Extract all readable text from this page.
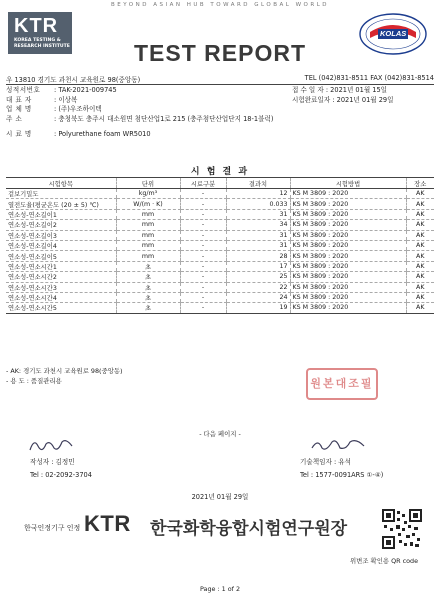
BEYOND ASIAN HUB TOWARD GLOBAL WORLD
KTR
KOREA TESTING &
RESEARCH INSTITUTE	TEST REPORT
KOLAS
우 13810 경기도 과천시 교육원로 98(중앙동)	TEL (042)831-8511 FAX (042)831-8514
성적서번호 : TAK-2021-009745
대 표 자	: 이상복
업 체 명	: (주)우조하이텍
주 소	: 충청북도 충주시 대소원면 첨단산업1로 215 (충주첨단산업단지 18-1블럭)
시 료 명	: Polyurethane foam WR5010
접 수 일 자 : 2021년 01월 15일
시험완료일자 : 2021년 01월 29일
시 험 결 과
시험항목	단위	시료구분	결과치	시험방법	장소
겉보기밀도	kg/m³	-	12	KS M 3809 : 2020	AK
열전도율(평균온도 (20 ± 5) ℃)	W/(m · K)	-	0.033	KS M 3809 : 2020	AK
연소성-연소길이1	mm	-	31	KS M 3809 : 2020	AK
연소성-연소길이2	mm	-	34	KS M 3809 : 2020	AK
연소성-연소길이3	mm	-	31	KS M 3809 : 2020	AK
연소성-연소길이4	mm	-	31	KS M 3809 : 2020	AK
연소성-연소길이5	mm	-	28	KS M 3809 : 2020	AK
연소성-연소시간1	초	-	17	KS M 3809 : 2020	AK
연소성-연소시간2	초	-	25	KS M 3809 : 2020	AK
연소성-연소시간3	초	-	22	KS M 3809 : 2020	AK
연소성-연소시간4	초	-	24	KS M 3809 : 2020	AK
연소성-연소시간5	초	-	19	KS M 3809 : 2020	AK
- AK: 경기도 과천시 교육원로 98(중앙동)
- 용 도 : 품질관리용	원본대조필
- 다음 페이지 -
작성자 : 김정민
Tel : 02-2092-3704
기술책임자 : 유석
Tel : 1577-0091ARS ①-④)
2021년 01월 29일
한국인정기구 인정 KTR 한국화학융합시험연구원장
위변조 확인용 QR code
Page : 1 of 2
